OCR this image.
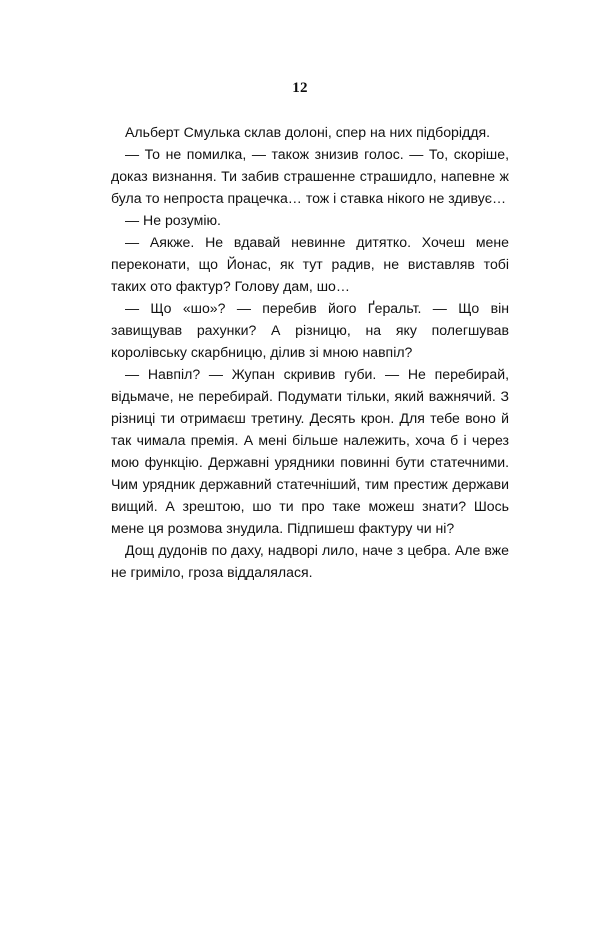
12

Альберт Смулька склав долоні, спер на них підборіддя.

— То не помилка, — також знизив голос. — То, скоріше, доказ визнання. Ти забив страшенне страшидло, напевне ж була то непроста працечка… тож і ставка нікого не здивує…

— Не розумію.

— Аякже. Не вдавай невинне дитятко. Хочеш мене переконати, що Йонас, як тут радив, не виставляв тобі таких ото фактур? Голову дам, шо…

— Що «шо»? — перебив його Ґеральт. — Що він завищував рахунки? А різницю, на яку полегшував королівську скарбницю, ділив зі мною навпіл?

— Навпіл? — Жупан скривив губи. — Не перебирай, відьмаче, не перебирай. Подумати тільки, який важнячий. З різниці ти отримаєш третину. Десять крон. Для тебе воно й так чимала премія. А мені більше належить, хоча б і через мою функцію. Державні урядники повинні бути статечними. Чим урядник державний статечніший, тим престиж держави вищий. А зрештою, шо ти про таке можеш знати? Шось мене ця розмова знудила. Підпишеш фактуру чи ні?

Дощ дудонів по даху, надворі лило, наче з цебра. Але вже не гриміло, гроза віддалялася.
